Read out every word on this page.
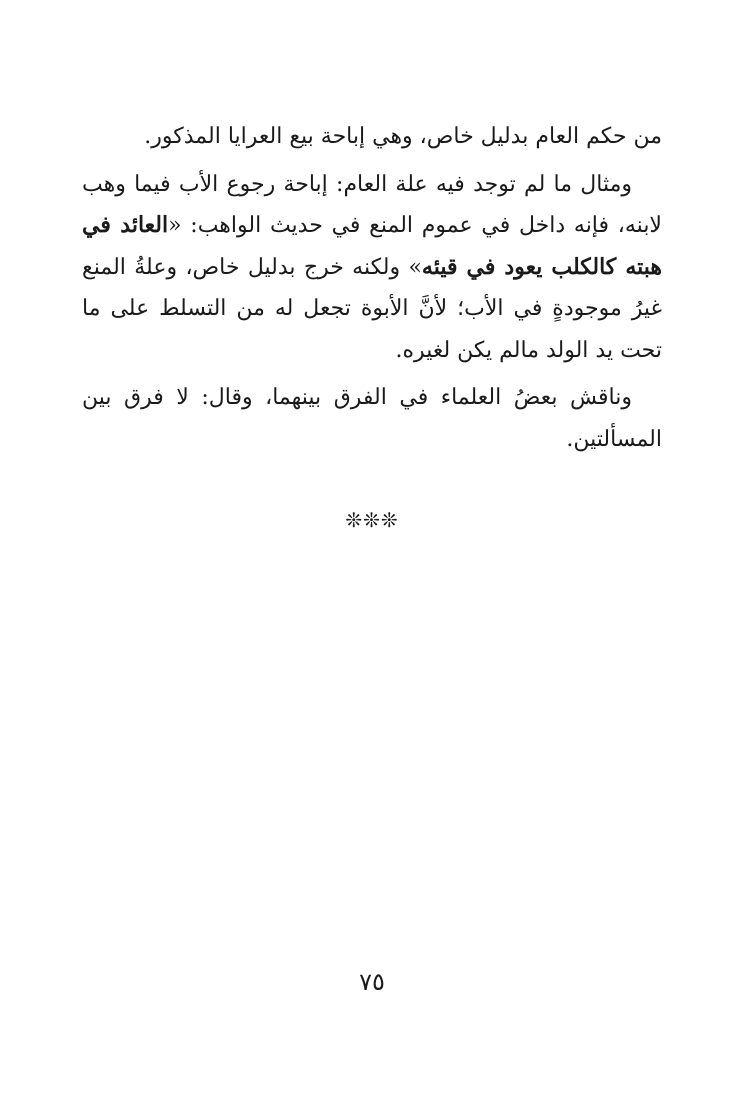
من حكم العام بدليل خاص، وهي إباحة بيع العرايا المذكور.

ومثال ما لم توجد فيه علة العام: إباحة رجوع الأب فيما وهب لابنه، فإنه داخل في عموم المنع في حديث الواهب: «العائد في هبته كالكلب يعود في قيئه» ولكنه خرج بدليل خاص، وعلةُ المنع غيرُ موجودةٍ في الأب؛ لأنَّ الأبوة تجعل له من التسلط على ما تحت يد الولد مالم يكن لغيره.

وناقش بعضُ العلماء في الفرق بينهما، وقال: لا فرق بين المسألتين.

❊❊❊
٧٥
